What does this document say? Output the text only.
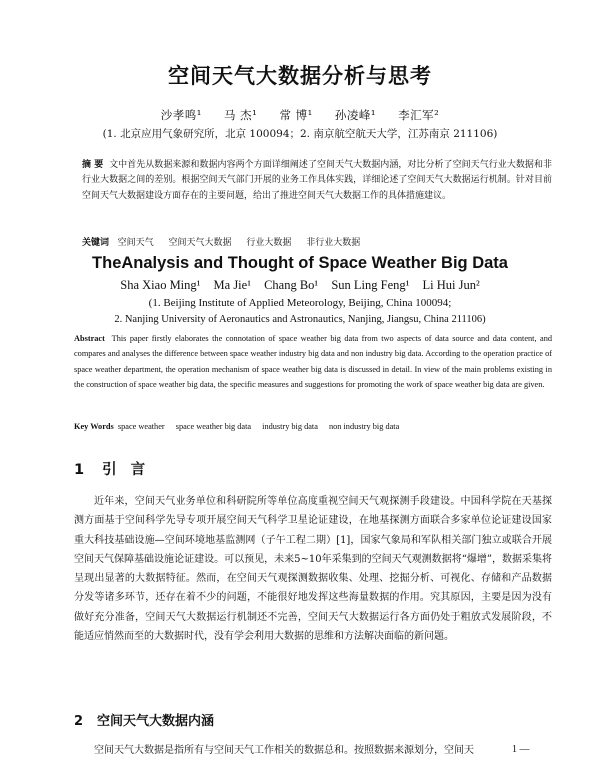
空间天气大数据分析与思考
沙孝鸣¹ 马 杰¹ 常 博¹ 孙凌峰¹ 李汇军²
(1. 北京应用气象研究所，北京 100094；2. 南京航空航天大学，江苏南京 211106)
摘 要 文中首先从数据来源和数据内容两个方面详细阐述了空间天气大数据内涵，对比分析了空间天气行业大数据和非行业大数据之间的差别。根据空间天气部门开展的业务工作具体实践，详细论述了空间天气大数据运行机制。针对目前空间天气大数据建设方面存在的主要问题，给出了推进空间天气大数据工作的具体措施建议。
关键词 空间天气 空间天气大数据 行业大数据 非行业大数据
TheAnalysis and Thought of Space Weather Big Data
Sha Xiao Ming¹ Ma Jie¹ Chang Bo¹ Sun Ling Feng¹ Li Hui Jun²
(1. Beijing Institute of Applied Meteorology, Beijing, China 100094;
2. Nanjing University of Aeronautics and Astronautics, Nanjing, Jiangsu, China 211106)
Abstract This paper firstly elaborates the connotation of space weather big data from two aspects of data source and data content, and compares and analyses the difference between space weather industry big data and non industry big data. According to the operation practice of space weather department, the operation mechanism of space weather big data is discussed in detail. In view of the main problems existing in the construction of space weather big data, the specific measures and suggestions for promoting the work of space weather big data are given.
Key Words space weather space weather big data industry big data non industry big data
1 引言
近年来，空间天气业务单位和科研院所等单位高度重视空间天气观探测手段建设。中国科学院在天基探测方面基于空间科学先导专项开展空间天气科学卫星论证建设，在地基探测方面联合多家单位论证建设国家重大科技基础设施—空间环境地基监测网（子午工程二期）[1]，国家气象局和军队相关部门独立或联合开展空间天气保障基础设施论证建设。可以预见，未来5~10年采集到的空间天气观测数据将“爆增”，数据采集将呈现出显著的大数据特征。然而，在空间天气观探测数据收集、处理、挖掘分析、可视化、存储和产品数据分发等诸多环节，还存在着不少的问题，不能很好地发挥这些海量数据的作用。究其原因，主要是因为没有做好充分准备，空间天气大数据运行机制还不完善，空间天气大数据运行各方面仍处于粗放式发展阶段，不能适应悄然而至的大数据时代，没有学会利用大数据的思维和方法解决面临的新问题。
2 空间天气大数据内涵
空间天气大数据是指所有与空间天气工作相关的数据总和。按照数据来源划分，空间天	1 —
